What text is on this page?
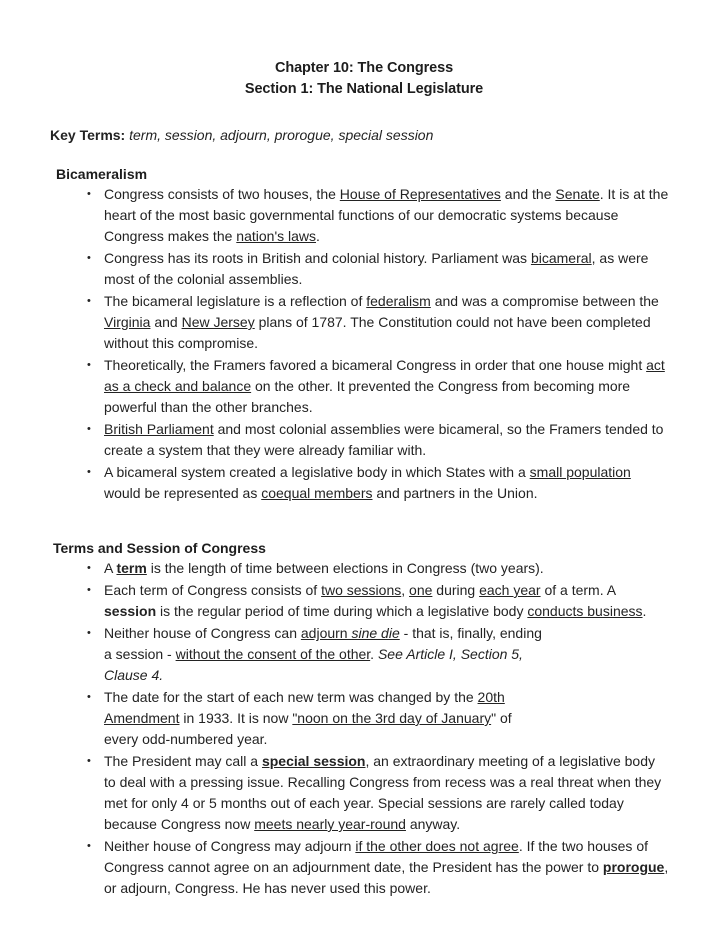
Chapter 10: The Congress
Section 1: The National Legislature

Key Terms: term, session, adjourn, prorogue, special session

Bicameralism
• Congress consists of two houses, the House of Representatives and the Senate. It is at the heart of the most basic governmental functions of our democratic systems because Congress makes the nation's laws.
• Congress has its roots in British and colonial history. Parliament was bicameral, as were most of the colonial assemblies.
• The bicameral legislature is a reflection of federalism and was a compromise between the Virginia and New Jersey plans of 1787. The Constitution could not have been completed without this compromise.
• Theoretically, the Framers favored a bicameral Congress in order that one house might act as a check and balance on the other. It prevented the Congress from becoming more powerful than the other branches.
• British Parliament and most colonial assemblies were bicameral, so the Framers tended to create a system that they were already familiar with.
• A bicameral system created a legislative body in which States with a small population would be represented as coequal members and partners in the Union.
Terms and Session of Congress
• A term is the length of time between elections in Congress (two years).
• Each term of Congress consists of two sessions, one during each year of a term. A session is the regular period of time during which a legislative body conducts business.
• Neither house of Congress can adjourn sine die - that is, finally, ending a session - without the consent of the other. See Article I, Section 5, Clause 4.
• The date for the start of each new term was changed by the 20th Amendment in 1933. It is now "noon on the 3rd day of January" of every odd-numbered year.
• The President may call a special session, an extraordinary meeting of a legislative body to deal with a pressing issue. Recalling Congress from recess was a real threat when they met for only 4 or 5 months out of each year. Special sessions are rarely called today because Congress now meets nearly year-round anyway.
• Neither house of Congress may adjourn if the other does not agree. If the two houses of Congress cannot agree on an adjournment date, the President has the power to prorogue, or adjourn, Congress. He has never used this power.
